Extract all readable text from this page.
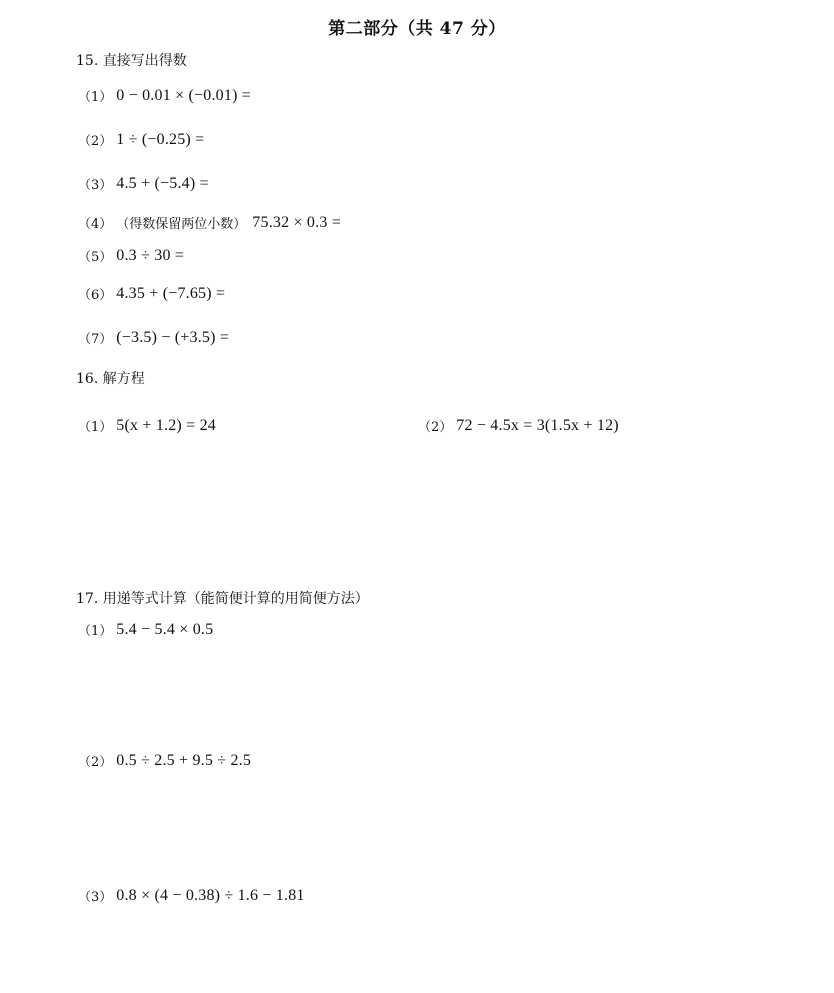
第二部分（共 47 分）
15. 直接写出得数
（1） 0 − 0.01 × (−0.01) =
（2） 1 ÷ (−0.25) =
（3） 4.5 + (−5.4) =
（4） （得数保留两位小数） 75.32 × 0.3 =
（5） 0.3 ÷ 30 =
（6） 4.35 + (−7.65) =
（7） (−3.5) − (+3.5) =
16. 解方程
（1） 5(x + 1.2) = 24	（2） 72 − 4.5x = 3(1.5x + 12)
17. 用递等式计算（能简便计算的用简便方法）
（1） 5.4 − 5.4 × 0.5
（2） 0.5 ÷ 2.5 + 9.5 ÷ 2.5
（3） 0.8 × (4 − 0.38) ÷ 1.6 − 1.81
